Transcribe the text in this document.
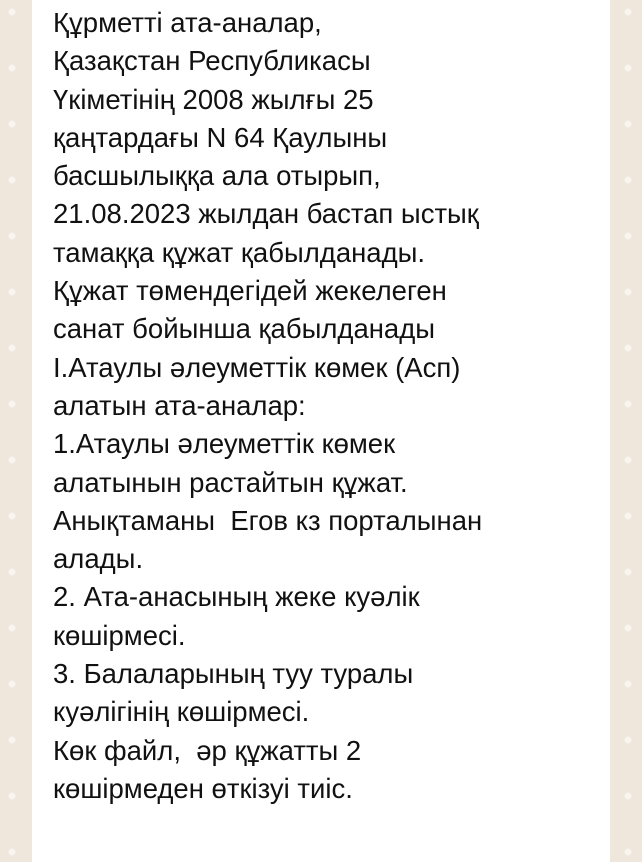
Құрметті ата-аналар,
Қазақстан Республикасы
Үкіметінің 2008 жылғы 25
қаңтардағы N 64 Қаулыны
басшылыққа ала отырып,
21.08.2023 жылдан бастап ыстық
тамаққа құжат қабылданады.
Құжат төмендегідей жекелеген
санат бойынша қабылданады
I.Атаулы әлеуметтік көмек (Асп)
алатын ата-аналар:
1.Атаулы әлеуметтік көмек
алатынын растайтын құжат.
Анықтаманы  Егов кз порталынан
алады.
2. Ата-анасының жеке куәлік
көшірмесі.
3. Балаларының туу туралы
куәлігінің көшірмесі.
Көк файл,  әр құжатты 2
көшірмеден өткізуі тиіс.
